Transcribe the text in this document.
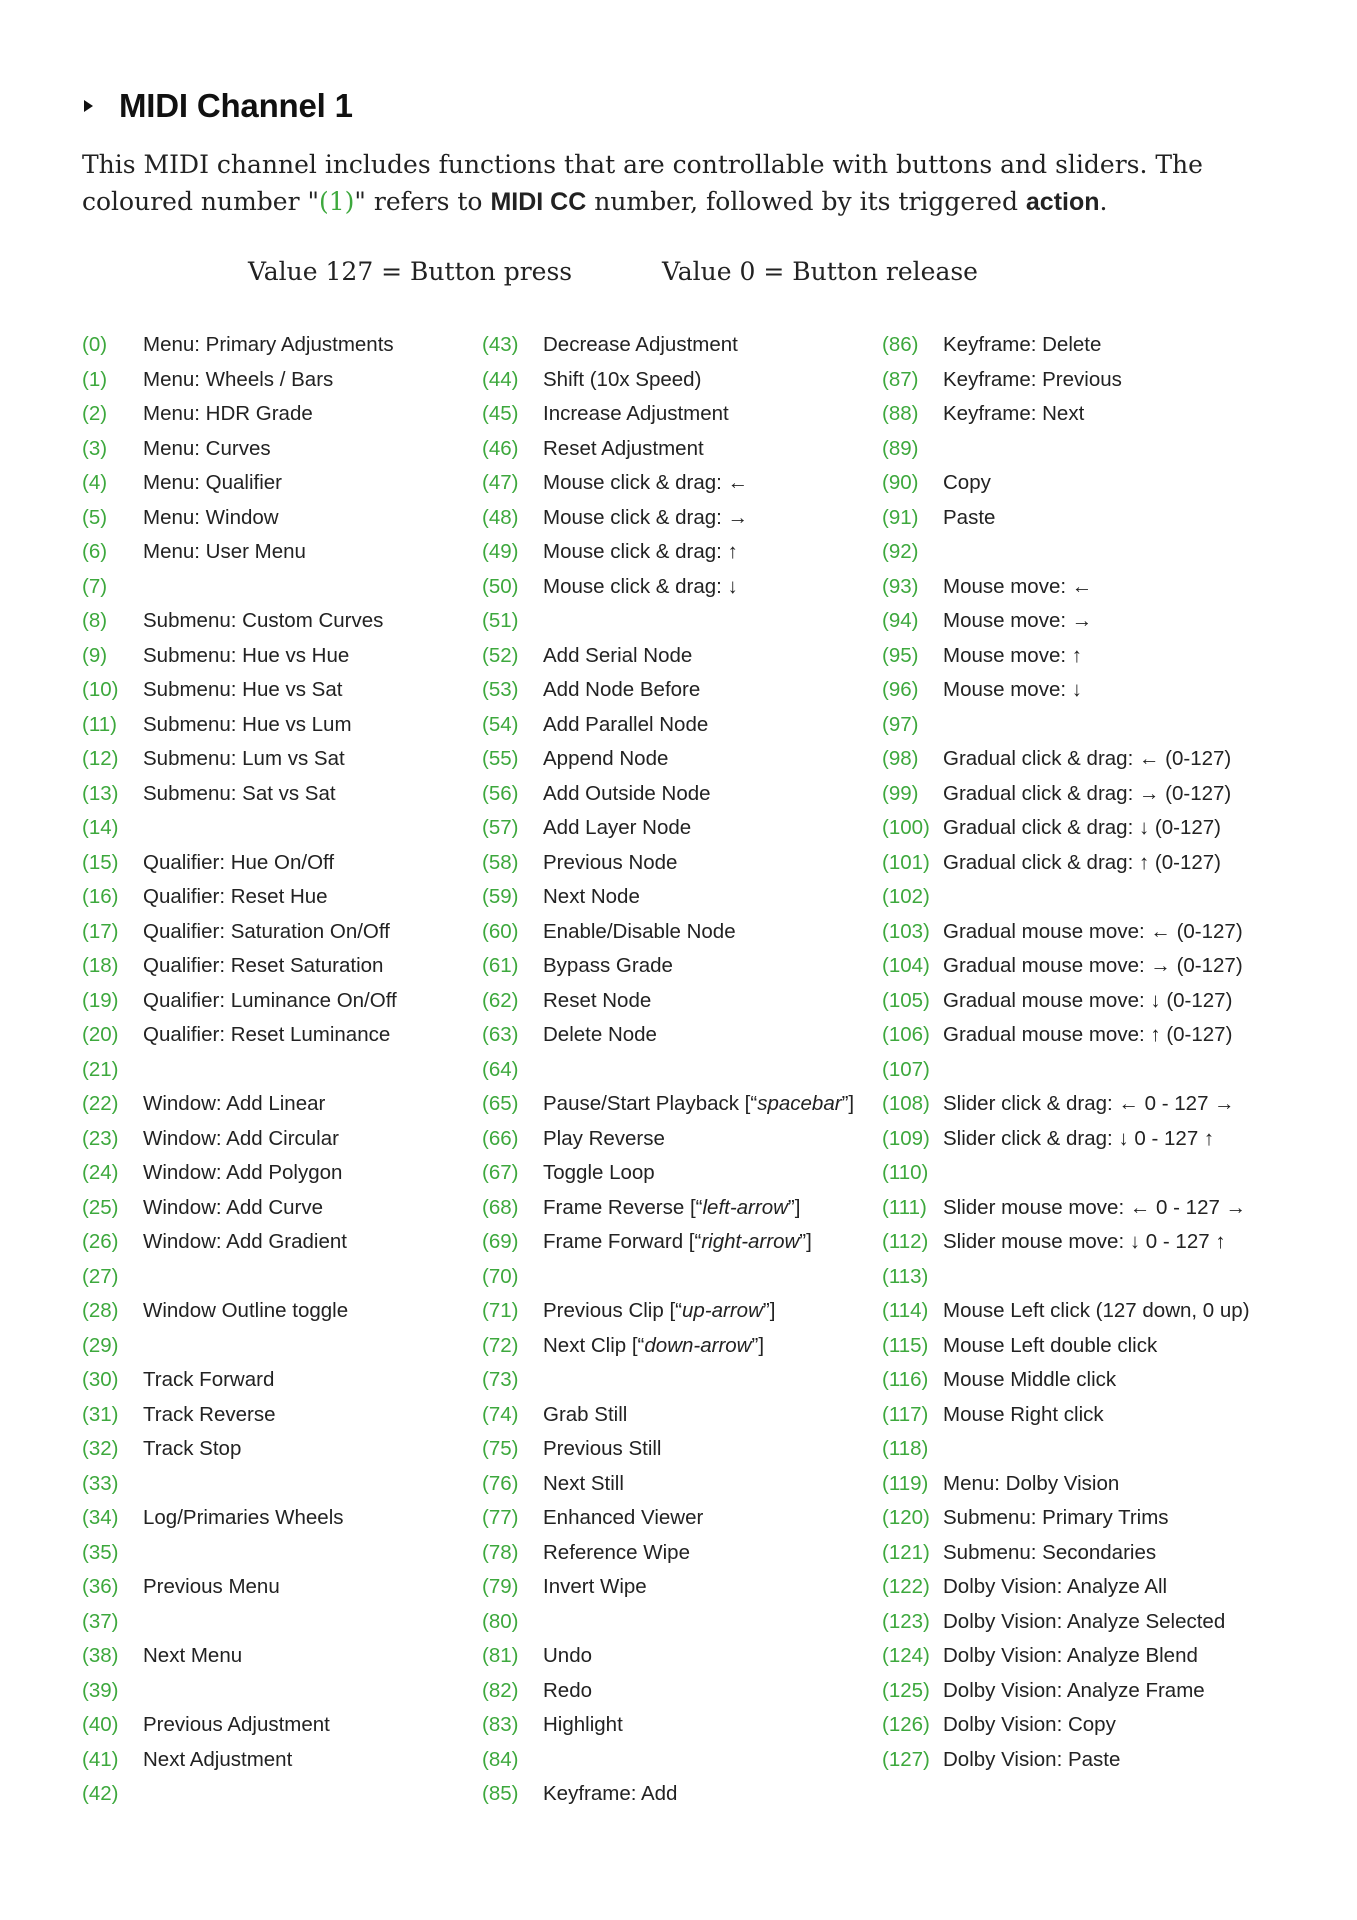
MIDI Channel 1

This MIDI channel includes functions that are controllable with buttons and sliders. The coloured number "(1)" refers to MIDI CC number, followed by its triggered action.

Value 127 = Button press	Value 0 = Button release
(0) Menu: Primary Adjustments
(1) Menu: Wheels / Bars
(2) Menu: HDR Grade
(3) Menu: Curves
(4) Menu: Qualifier
(5) Menu: Window
(6) Menu: User Menu
(7)
(8) Submenu: Custom Curves
(9) Submenu: Hue vs Hue
(10) Submenu: Hue vs Sat
(11) Submenu: Hue vs Lum
(12) Submenu: Lum vs Sat
(13) Submenu: Sat vs Sat
(14)
(15) Qualifier: Hue On/Off
(16) Qualifier: Reset Hue
(17) Qualifier: Saturation On/Off
(18) Qualifier: Reset Saturation
(19) Qualifier: Luminance On/Off
(20) Qualifier: Reset Luminance
(21)
(22) Window: Add Linear
(23) Window: Add Circular
(24) Window: Add Polygon
(25) Window: Add Curve
(26) Window: Add Gradient
(27)
(28) Window Outline toggle
(29)
(30) Track Forward
(31) Track Reverse
(32) Track Stop
(33)
(34) Log/Primaries Wheels
(35)
(36) Previous Menu
(37)
(38) Next Menu
(39)
(40) Previous Adjustment
(41) Next Adjustment
(42)
(43) Decrease Adjustment
(44) Shift (10x Speed)
(45) Increase Adjustment
(46) Reset Adjustment
(47) Mouse click & drag: ←
(48) Mouse click & drag: →
(49) Mouse click & drag: ↑
(50) Mouse click & drag: ↓
(51)
(52) Add Serial Node
(53) Add Node Before
(54) Add Parallel Node
(55) Append Node
(56) Add Outside Node
(57) Add Layer Node
(58) Previous Node
(59) Next Node
(60) Enable/Disable Node
(61) Bypass Grade
(62) Reset Node
(63) Delete Node
(64)
(65) Pause/Start Playback [“spacebar”]
(66) Play Reverse
(67) Toggle Loop
(68) Frame Reverse [“left-arrow”]
(69) Frame Forward [“right-arrow”]
(70)
(71) Previous Clip [“up-arrow”]
(72) Next Clip [“down-arrow”]
(73)
(74) Grab Still
(75) Previous Still
(76) Next Still
(77) Enhanced Viewer
(78) Reference Wipe
(79) Invert Wipe
(80)
(81) Undo
(82) Redo
(83) Highlight
(84)
(85) Keyframe: Add
(86) Keyframe: Delete
(87) Keyframe: Previous
(88) Keyframe: Next
(89)
(90) Copy
(91) Paste
(92)
(93) Mouse move: ←
(94) Mouse move: →
(95) Mouse move: ↑
(96) Mouse move: ↓
(97)
(98) Gradual click & drag: ← (0-127)
(99) Gradual click & drag: → (0-127)
(100) Gradual click & drag: ↓ (0-127)
(101) Gradual click & drag: ↑ (0-127)
(102)
(103) Gradual mouse move: ← (0-127)
(104) Gradual mouse move: → (0-127)
(105) Gradual mouse move: ↓ (0-127)
(106) Gradual mouse move: ↑ (0-127)
(107)
(108) Slider click & drag: ← 0 - 127 →
(109) Slider click & drag: ↓ 0 - 127 ↑
(110)
(111) Slider mouse move: ← 0 - 127 →
(112) Slider mouse move: ↓ 0 - 127 ↑
(113)
(114) Mouse Left click (127 down, 0 up)
(115) Mouse Left double click
(116) Mouse Middle click
(117) Mouse Right click
(118)
(119) Menu: Dolby Vision
(120) Submenu: Primary Trims
(121) Submenu: Secondaries
(122) Dolby Vision: Analyze All
(123) Dolby Vision: Analyze Selected
(124) Dolby Vision: Analyze Blend
(125) Dolby Vision: Analyze Frame
(126) Dolby Vision: Copy
(127) Dolby Vision: Paste
